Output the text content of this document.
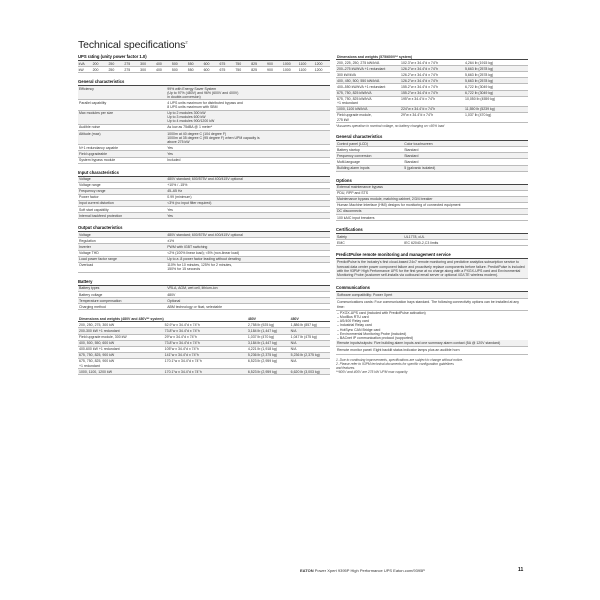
Technical specifications$^2$
UPS rating (unity power factor 1.0)
kVA	200	250	275	300	400	500	550	600	675	750	825	900	1000	1100	1200
kW	200	250	275	300	400	500	550	600	675	750	825	900	1000	1100	1200
General characteristics
Efficiency	99% with Energy Saver System
(Up to 97% (480V) and 96% (600V and 400V)
in double-conversion)
Parallel capability	4 UPS units maximum for distributed bypass and
8 UPS units maximum with SBM
Max modules per size	Up to 2 modules 300 kW
Up to 3 modules 600 kW
Up to 4 modules 900/1200 kW
Audible noise	As low as 75dBA @ 1 meter*
Altitude (max)	1000m at 40 degree C (104 degree F)
1000m at 35 degree C (95 degree F) when UPM capacity is
above 275 kW
N+1 redundancy capable	Yes
Field upgradeable	Yes
System bypass module	Included
Input characteristics
Voltage	480V standard; 600/575V and 400/415V optional
Voltage range	+10% / -15%
Frequency range	45–65 Hz
Power factor	0.99 (minimum)
Input current distortion	<3% (no input filter required)
Soft start capability	Yes
Internal backfeed protection	Yes
Output characteristics
Voltage	480V standard; 600/575V and 400/415V optional
Regulation	±1%
Inverter	PWM with IGBT switching
Voltage THD	<2% (100% linear load); <5% (non-linear load)
Load power factor range	Up to a .8 power factor leading without derating
Overload	110% for 10 minutes, 125% for 2 minutes,
150% for 15 seconds
Battery
Battery types	VRLA, AGM, wet cell, lithium-ion
Battery voltage	480V
Temperature compensation	Optional
Charging method	ABM technology or float, selectable
Dimensions and weights (480V and 480V** system)		480V	480V
200, 250, 275, 300 kW	52.9"w x 34.4"d x 74"h	2,758 lb (925 kg)	1,886 lb (857 kg)
200-300 kW +1 redundant	73.8"w x 34.4"d x 74"h	3,184 lb (1,447 kg)	N/A
Field upgrade module, 300 kW	29"w x 34.4"d x 74"h	1,037 lb (470 kg)	1,047 lb (475 kg)
400, 500, 550, 600 kW	73.8"w x 34.4"d x 74"h	3,184 lb (1,447 kg)	N/A
400-600 kW +1 redundant	105"w x 34.4"d x 74"h	4,221 lb (1,918 kg)	N/A
675, 750, 825, 900 kW	141"w x 34.4"d x 74"h	5,236 lb (2,375 kg)	5,236 lb (2,375 kg)
675, 750, 825, 900 kW
+1 redundant	170.1"w x 34.4"d x 74"h	6,523 lb (2,959 kg)	N/A
1000, 1100, 1200 kW	170.1"w x 34.4"d x 74"h	6,523 lb (2,959 kg)	6,620 lb (3,003 kg)
Dimensions and weights (575/600V** system)		
200, 225, 250, 275 kW/kVA	102.3"w x 34.4"d x 74"h	4,264 lb (1915 kg)
200–275 kW/kVA +1 redundant	126.2"w x 34.4"d x 74"h	5,663 lb (2578 kg)
300 kW/kVA	126.2"w x 34.4"d x 74"h	5,663 lb (2578 kg)
400, 450, 500, 550 kW/kVA	126.2"w x 34.4"d x 74"h	5,663 lb (2578 kg)
400–550 kW/kVA +1 redundant	155.2"w x 34.4"d x 74"h	6,722 lb (3049 kg)
675, 750, 825 kW/kVA	155.2"w x 34.4"d x 74"h	6,722 lb (3049 kg)
675, 750, 825 kW/kVA
+1 redundant	195"w x 34.4"d x 74"h	10,050 lb (4559 kg)
1000, 1100 kW/kVA	224"w x 34.4"d x 74"h	11,550 lb (5239 kg)
Field upgrade module,
275 kW	29"w x 34.4"d x 74"h	1,037 lb (470 kg)
*Assumes operation in nominal voltage, no battery charging on <60% load
General characteristics
Control panel (LCD)	Color touchscreen
Battery startup	Standard
Frequency conversion	Standard
Multi-language	Standard
Building alarm inputs	5 (galvanic isolated)
Options
External maintenance bypass
PDU, RPP and STS
Maintenance bypass module, matching cabinet, 2/3/4 breaker
Human Machine Interface (HMI) designs for monitoring of connected equipment
DC disconnects
100 kAIC input breakers
Certifications
Safety	UL1778, cUL
EMC	IEC 62040-2,C3 limits
PredictPulse remote monitoring and management service
PredictPulse is the industry's first cloud-based 24x7 remote monitoring and predictive analytics subscription service to forecast data center power component failure and proactively replace components before failure. PredictPulse is included with the 93PM* High Performance UPS for the first year at no charge along with a PXGX-UPS card and Environmental Monitoring Probe (customer self-installs via outbound email server or optional 4G/LTE wireless modem).
Communications
Software compatibility: Power Xpert
Communications cards: Four communication bays standard. The following connectivity options can be installed at any time:
– PXGX-UPS card (included with PredictPulse activation)
– ModBus RTU card
– AS/400 Relay card
– Industrial Relay card
– HotSync CAN Bridge card
– Environmental Monitoring Probe (included)
– BACnet IP communication protocol (supported)
Remote inputs/outputs: Five building alarm inputs and one summary alarm contact (5A @ 120V standard)
Remote monitor panel: Eight backlit status indicator lamps plus an audible horn
1. Due to continuing improvements, specifications are subject to change without notice.
2. Please refer to 93PM technical documents for specific configuration guidelines
and features.
**600V and 400V are 275 kW UPM max capacity
EATON Power Xpert 9395P High Performance UPS Eaton.com/9395P	11
